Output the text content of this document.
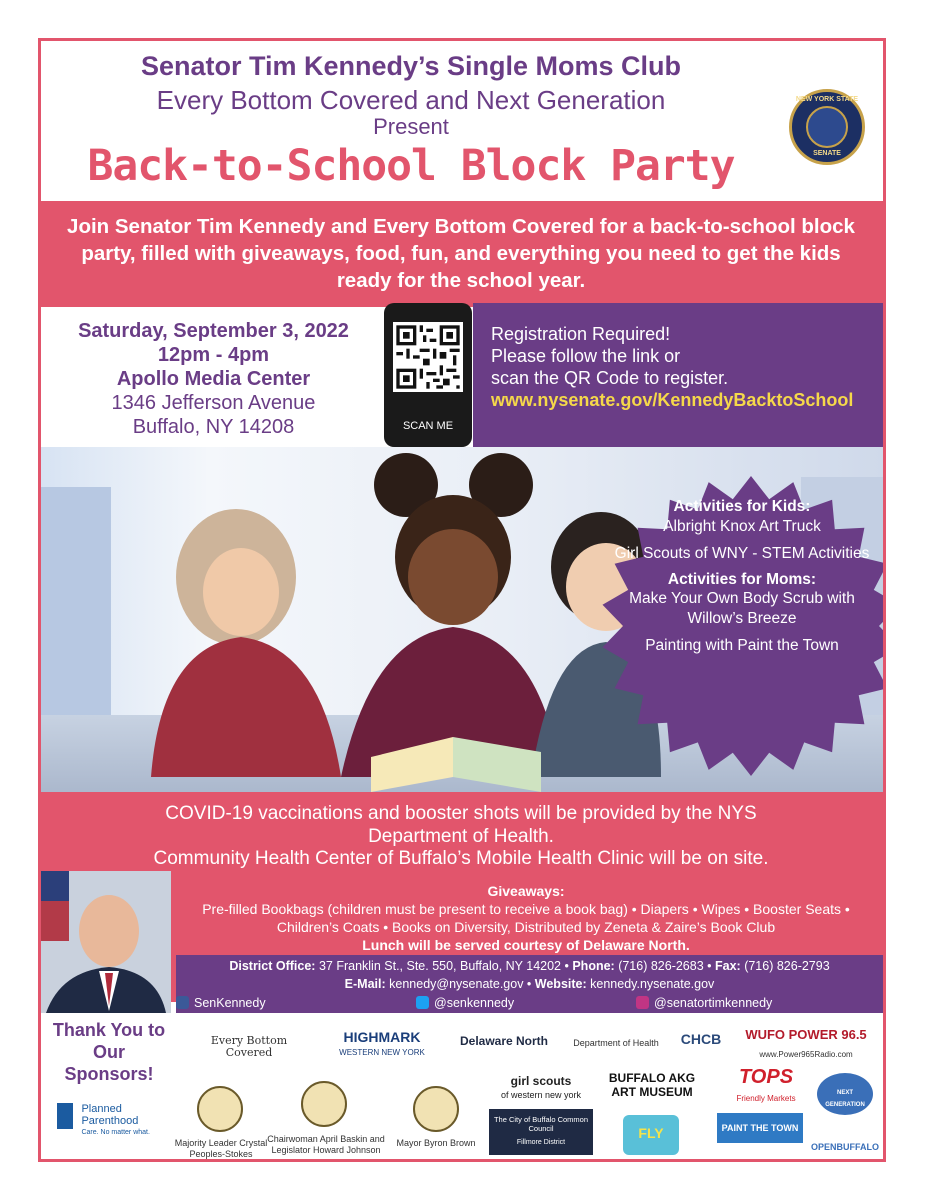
Senator Tim Kennedy’s Single Moms Club
Every Bottom Covered and Next Generation
Present
Back-to-School Block Party
NEW YORK STATE
SENATE
Join Senator Tim Kennedy and Every Bottom Covered for a back-to-school block party, filled with giveaways, food, fun, and everything you need to get the kids ready for the school year.
Saturday, September 3, 2022
12pm - 4pm
Apollo Media Center
1346 Jefferson Avenue
Buffalo, NY 14208	SCAN ME
Registration Required!
Please follow the link or
scan the QR Code to register.
www.nysenate.gov/KennedyBacktoSchool
Activities for Kids:
Albright Knox Art Truck
Girl Scouts of WNY - STEM Activities
Activities for Moms:
Make Your Own Body Scrub with Willow’s Breeze
Painting with Paint the Town
COVID-19 vaccinations and booster shots will be provided by the NYS Department of Health.
Community Health Center of Buffalo’s Mobile Health Clinic will be on site.
Giveaways:
Pre-filled Bookbags (children must be present to receive a book bag) • Diapers • Wipes • Booster Seats • Children’s Coats • Books on Diversity, Distributed by Zeneta & Zaire’s Book Club
Lunch will be served courtesy of Delaware North.
District Office: 37 Franklin St., Ste. 550, Buffalo, NY 14202 • Phone: (716) 826-2683 • Fax: (716) 826-2793
E-Mail: kennedy@nysenate.gov • Website: kennedy.nysenate.gov
SenKennedy	@senkennedy	@senatortimkennedy
Thank You to Our Sponsors!

Planned Parenthood
Care. No matter what.
Every Bottom Covered
HIGHMARK
WESTERN NEW YORK
Delaware North	Department of Health	CHCB	WUFO POWER 96.5
www.Power965Radio.com
Majority Leader Crystal Peoples-Stokes
Chairwoman April Baskin and Legislator Howard Johnson
Mayor Byron Brown
girl scouts
of western new york
The City of Buffalo Common Council
Fillmore District
BUFFALO AKG ART MUSEUM
FLY
TOPS
Friendly Markets
PAINT THE TOWN
NEXT GENERATION
OPENBUFFALO
